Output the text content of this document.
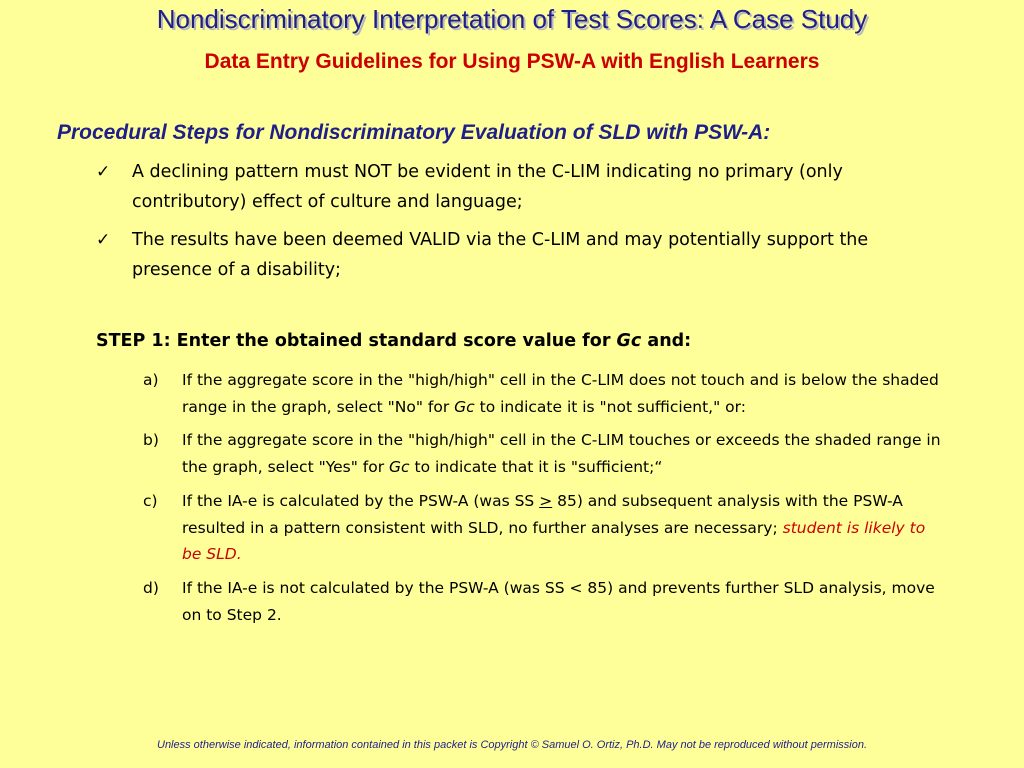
Nondiscriminatory Interpretation of Test Scores: A Case Study
Data Entry Guidelines for Using PSW-A with English Learners
Procedural Steps for Nondiscriminatory Evaluation of SLD with PSW-A:
✓ A declining pattern must NOT be evident in the C-LIM indicating no primary (only contributory) effect of culture and language;
✓ The results have been deemed VALID via the C-LIM and may potentially support the presence of a disability;
STEP 1: Enter the obtained standard score value for Gc and:
a) If the aggregate score in the "high/high" cell in the C-LIM does not touch and is below the shaded range in the graph, select "No" for Gc to indicate it is "not sufficient," or:
b) If the aggregate score in the "high/high" cell in the C-LIM touches or exceeds the shaded range in the graph, select "Yes" for Gc to indicate that it is "sufficient;“
c) If the IA-e is calculated by the PSW-A (was SS ≥ 85) and subsequent analysis with the PSW-A resulted in a pattern consistent with SLD, no further analyses are necessary; student is likely to be SLD.
d) If the IA-e is not calculated by the PSW-A (was SS < 85) and prevents further SLD analysis, move on to Step 2.
Unless otherwise indicated, information contained in this packet is Copyright © Samuel O. Ortiz, Ph.D. May not be reproduced without permission.
